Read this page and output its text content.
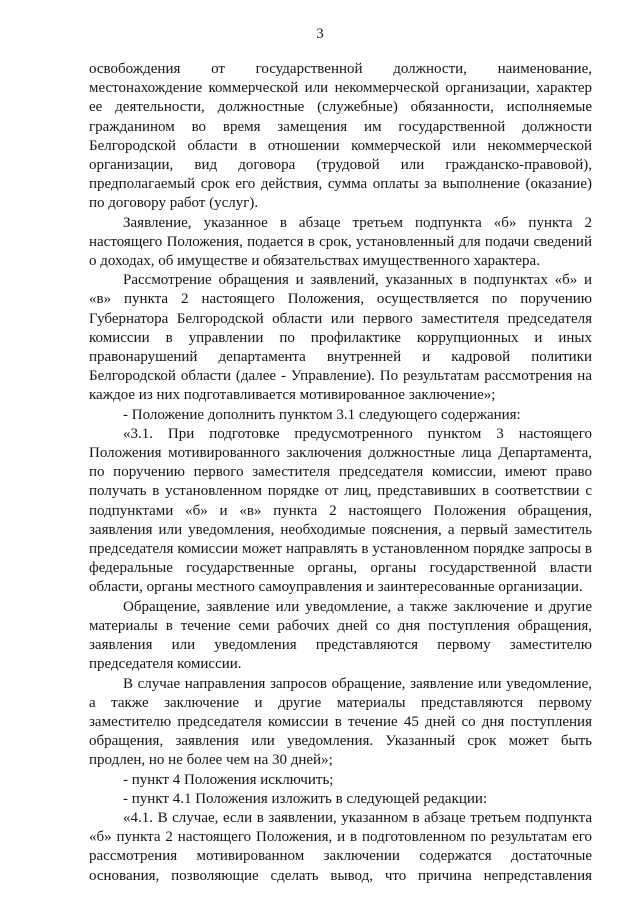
3

освобождения от государственной должности, наименование, местонахождение коммерческой или некоммерческой организации, характер ее деятельности, должностные (служебные) обязанности, исполняемые гражданином во время замещения им государственной должности Белгородской области в отношении коммерческой или некоммерческой организации, вид договора (трудовой или гражданско-правовой), предполагаемый срок его действия, сумма оплаты за выполнение (оказание) по договору работ (услуг).

Заявление, указанное в абзаце третьем подпункта «б» пункта 2 настоящего Положения, подается в срок, установленный для подачи сведений о доходах, об имуществе и обязательствах имущественного характера.

Рассмотрение обращения и заявлений, указанных в подпунктах «б» и «в» пункта 2 настоящего Положения, осуществляется по поручению Губернатора Белгородской области или первого заместителя председателя комиссии в управлении по профилактике коррупционных и иных правонарушений департамента внутренней и кадровой политики Белгородской области (далее - Управление). По результатам рассмотрения на каждое из них подготавливается мотивированное заключение»;

- Положение дополнить пунктом 3.1 следующего содержания:

«3.1. При подготовке предусмотренного пунктом 3 настоящего Положения мотивированного заключения должностные лица Департамента, по поручению первого заместителя председателя комиссии, имеют право получать в установленном порядке от лиц, представивших в соответствии с подпунктами «б» и «в» пункта 2 настоящего Положения обращения, заявления или уведомления, необходимые пояснения, а первый заместитель председателя комиссии может направлять в установленном порядке запросы в федеральные государственные органы, органы государственной власти области, органы местного самоуправления и заинтересованные организации.

Обращение, заявление или уведомление, а также заключение и другие материалы в течение семи рабочих дней со дня поступления обращения, заявления или уведомления представляются первому заместителю председателя комиссии.

В случае направления запросов обращение, заявление или уведомление, а также заключение и другие материалы представляются первому заместителю председателя комиссии в течение 45 дней со дня поступления обращения, заявления или уведомления. Указанный срок может быть продлен, но не более чем на 30 дней»;

- пункт 4 Положения исключить;

- пункт 4.1 Положения изложить в следующей редакции:

«4.1. В случае, если в заявлении, указанном в абзаце третьем подпункта «б» пункта 2 настоящего Положения, и в подготовленном по результатам его рассмотрения мотивированном заключении содержатся достаточные основания, позволяющие сделать вывод, что причина непредставления
